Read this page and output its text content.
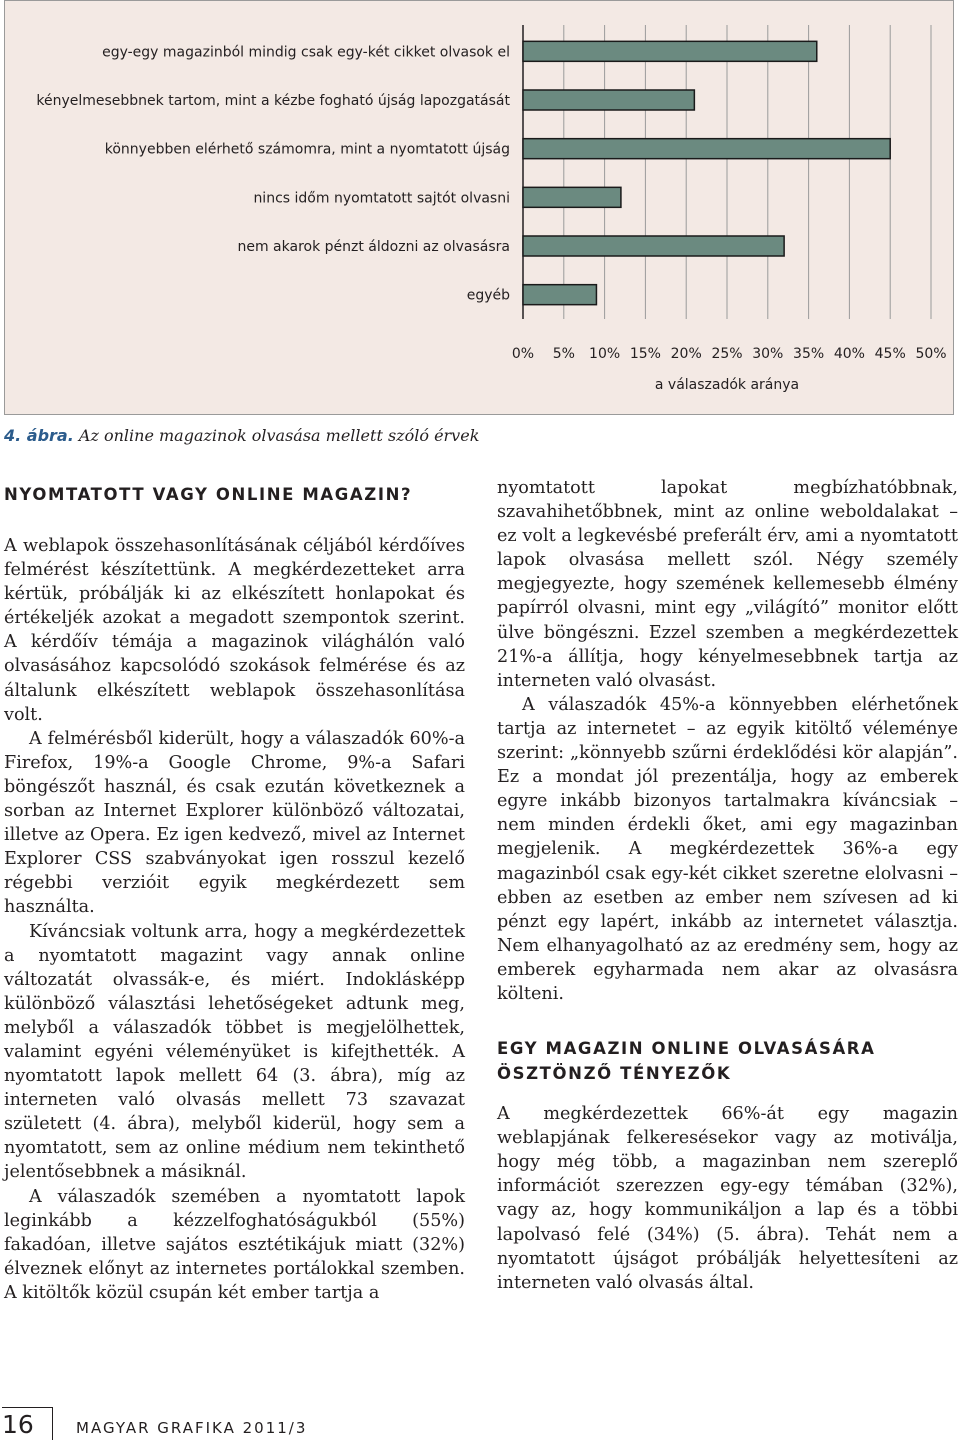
egy-egy magazinból mindig csak egy-két cikket olvasok el
kényelmesebbnek tartom, mint a kézbe fogható újság lapozgatását
könnyebben elérhető számomra, mint a nyomtatott újság
nincs időm nyomtatott sajtót olvasni
nem akarok pénzt áldozni az olvasásra
egyéb
0% 5% 10% 15% 20% 25% 30% 35% 40% 45% 50%
a válaszadók aránya
4. ábra. Az online magazinok olvasása mellett szóló érvek
NYOMTATOTT VAGY ONLINE MAGAZIN?

A weblapok összehasonlításának céljából kérdőíves felmérést készítettünk. A megkérdezetteket arra kértük, próbálják ki az elkészített honlapokat és értékeljék azokat a megadott szempontok szerint. A kérdőív témája a magazinok világhálón való olvasásához kapcsolódó szokások felmérése és az általunk elkészített weblapok összehasonlítása volt.

A felmérésből kiderült, hogy a válaszadók 60%-a Firefox, 19%-a Google Chrome, 9%-a Safari böngészőt használ, és csak ezután következnek a sorban az Internet Explorer különböző változatai, illetve az Opera. Ez igen kedvező, mivel az Internet Explorer CSS szabványokat igen rosszul kezelő régebbi verzióit egyik megkérdezett sem használta.

Kíváncsiak voltunk arra, hogy a megkérdezettek a nyomtatott magazint vagy annak online változatát olvassák-e, és miért. Indoklásképp különböző választási lehetőségeket adtunk meg, melyből a válaszadók többet is megjelölhettek, valamint egyéni véleményüket is kifejthették. A nyomtatott lapok mellett 64 (3. ábra), míg az interneten való olvasás mellett 73 szavazat született (4. ábra), melyből kiderül, hogy sem a nyomtatott, sem az online médium nem tekinthető jelentősebbnek a másiknál.

A válaszadók szemében a nyomtatott lapok leginkább a kézzelfoghatóságukból (55%) fakadóan, illetve sajátos esztétikájuk miatt (32%) élveznek előnyt az internetes portálokkal szemben. A kitöltők közül csupán két ember tartja a

nyomtatott lapokat megbízhatóbbnak, szavahihetőbbnek, mint az online weboldalakat – ez volt a legkevésbé preferált érv, ami a nyomtatott lapok olvasása mellett szól. Négy személy megjegyezte, hogy szemének kellemesebb élmény papírról olvasni, mint egy „világító” monitor előtt ülve böngészni. Ezzel szemben a megkérdezettek 21%-a állítja, hogy kényelmesebbnek tartja az interneten való olvasást.

A válaszadók 45%-a könnyebben elérhetőnek tartja az internetet – az egyik kitöltő véleménye szerint: „könnyebb szűrni érdeklődési kör alapján”. Ez a mondat jól prezentálja, hogy az emberek egyre inkább bizonyos tartalmakra kíváncsiak – nem minden érdekli őket, ami egy magazinban megjelenik. A megkérdezettek 36%-a egy magazinból csak egy-két cikket szeretne elolvasni – ebben az esetben az ember nem szívesen ad ki pénzt egy lapért, inkább az internetet választja. Nem elhanyagolható az az eredmény sem, hogy az emberek egyharmada nem akar az olvasásra költeni.

EGY MAGAZIN ONLINE OLVASÁSÁRA ÖSZTÖNZŐ TÉNYEZŐK

A megkérdezettek 66%-át egy magazin weblapjának felkeresésekor vagy az motiválja, hogy még több, a magazinban nem szereplő információt szerezzen egy-egy témában (32%), vagy az, hogy kommunikáljon a lap és a többi lapolvasó felé (34%) (5. ábra). Tehát nem a nyomtatott újságot próbálják helyettesíteni az interneten való olvasás által.

16	MAGYAR GRAFIKA 2011/3
